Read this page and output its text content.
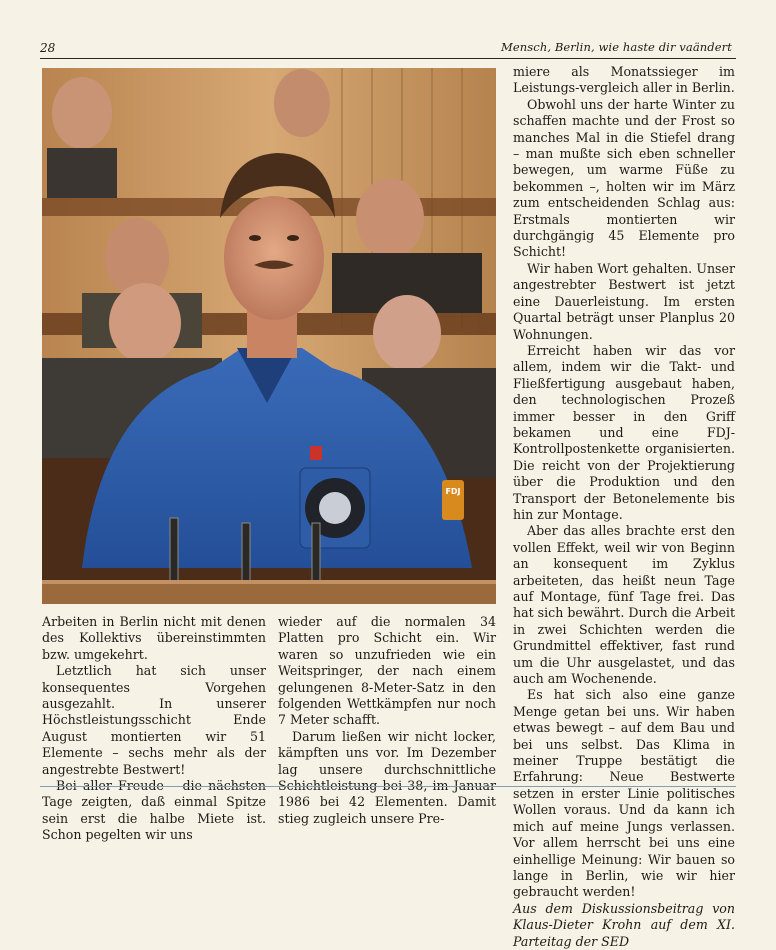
28	Mensch, Berlin, wie haste dir vaändert
FDJ

miere als Monatssieger im Leistungs-vergleich aller in Berlin.

Obwohl uns der harte Winter zu schaffen machte und der Frost so manches Mal in die Stiefel drang – man mußte sich eben schneller bewegen, um warme Füße zu bekommen –, holten wir im März zum entscheidenden Schlag aus: Erstmals montierten wir durchgängig 45 Elemente pro Schicht!

Wir haben Wort gehalten. Unser angestrebter Bestwert ist jetzt eine Dauerleistung. Im ersten Quartal beträgt unser Planplus 20 Wohnungen.

Erreicht haben wir das vor allem, indem wir die Takt- und Fließfertigung ausgebaut haben, den technologischen Prozeß immer besser in den Griff bekamen und eine FDJ-Kontrollpostenkette organisierten. Die reicht von der Projektierung über die Produktion und den Transport der Betonelemente bis hin zur Montage.

Aber das alles brachte erst den vollen Effekt, weil wir von Beginn an konsequent im Zyklus arbeiteten, das heißt neun Tage auf Montage, fünf Tage frei. Das hat sich bewährt. Durch die Arbeit in zwei Schichten werden die Grundmittel effektiver, fast rund um die Uhr ausgelastet, und das auch am Wochenende.

Es hat sich also eine ganze Menge getan bei uns. Wir haben etwas bewegt – auf dem Bau und bei uns selbst. Das Klima in meiner Truppe bestätigt die Erfahrung: Neue Bestwerte setzen in erster Linie politisches Wollen voraus. Und da kann ich mich auf meine Jungs verlassen. Vor allem herrscht bei uns eine einhellige Meinung: Wir bauen so lange in Berlin, wie wir hier gebraucht werden!

Aus dem Diskussionsbeitrag von Klaus-Dieter Krohn auf dem XI. Parteitag der SED

Arbeiten in Berlin nicht mit denen des Kollektivs übereinstimmten bzw. umgekehrt.

Letztlich hat sich unser konsequentes Vorgehen ausgezahlt. In unserer Höchstleistungsschicht Ende August montierten wir 51 Elemente – sechs mehr als der angestrebte Bestwert!

Bei aller Freude – die nächsten Tage zeigten, daß einmal Spitze sein erst die halbe Miete ist. Schon pegelten wir uns

wieder auf die normalen 34 Platten pro Schicht ein. Wir waren so unzufrieden wie ein Weitspringer, der nach einem gelungenen 8-Meter-Satz in den folgenden Wettkämpfen nur noch 7 Meter schafft.

Darum ließen wir nicht locker, kämpften uns vor. Im Dezember lag unsere durchschnittliche Schichtleistung bei 38, im Januar 1986 bei 42 Elementen. Damit stieg zugleich unsere Pre-
